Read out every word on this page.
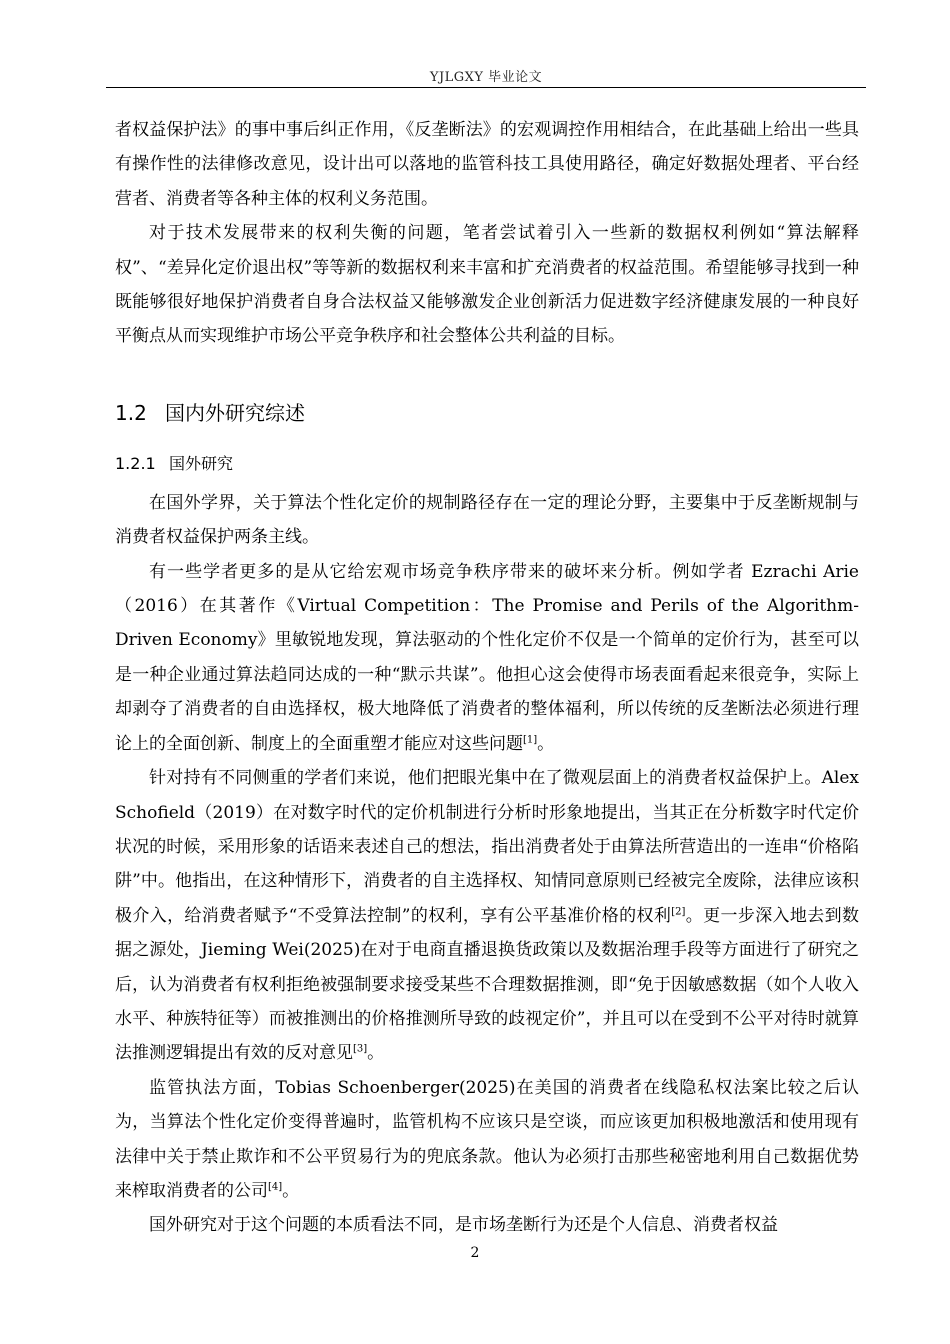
YJLGXY 毕业论文

者权益保护法》的事中事后纠正作用，《反垄断法》的宏观调控作用相结合，在此基础上给出一些具有操作性的法律修改意见，设计出可以落地的监管科技工具使用路径，确定好数据处理者、平台经营者、消费者等各种主体的权利义务范围。

对于技术发展带来的权利失衡的问题，笔者尝试着引入一些新的数据权利例如“算法解释权”、“差异化定价退出权”等等新的数据权利来丰富和扩充消费者的权益范围。希望能够寻找到一种既能够很好地保护消费者自身合法权益又能够激发企业创新活力促进数字经济健康发展的一种良好平衡点从而实现维护市场公平竞争秩序和社会整体公共利益的目标。

1.2 国内外研究综述
1.2.1 国外研究

在国外学界，关于算法个性化定价的规制路径存在一定的理论分野，主要集中于反垄断规制与消费者权益保护两条主线。

有一些学者更多的是从它给宏观市场竞争秩序带来的破坏来分析。例如学者 Ezrachi Arie（2016）在其著作《Virtual Competition：The Promise and Perils of the Algorithm-Driven Economy》里敏锐地发现，算法驱动的个性化定价不仅是一个简单的定价行为，甚至可以是一种企业通过算法趋同达成的一种“默示共谋”。他担心这会使得市场表面看起来很竞争，实际上却剥夺了消费者的自由选择权，极大地降低了消费者的整体福利，所以传统的反垄断法必须进行理论上的全面创新、制度上的全面重塑才能应对这些问题[1]。

针对持有不同侧重的学者们来说，他们把眼光集中在了微观层面上的消费者权益保护上。Alex Schofield（2019）在对数字时代的定价机制进行分析时形象地提出，当其正在分析数字时代定价状况的时候，采用形象的话语来表述自己的想法，指出消费者处于由算法所营造出的一连串“价格陷阱”中。他指出，在这种情形下，消费者的自主选择权、知情同意原则已经被完全废除，法律应该积极介入，给消费者赋予“不受算法控制”的权利，享有公平基准价格的权利[2]。更一步深入地去到数据之源处，Jieming Wei(2025)在对于电商直播退换货政策以及数据治理手段等方面进行了研究之后，认为消费者有权利拒绝被强制要求接受某些不合理数据推测，即“免于因敏感数据（如个人收入水平、种族特征等）而被推测出的价格推测所导致的歧视定价”，并且可以在受到不公平对待时就算法推测逻辑提出有效的反对意见[3]。

监管执法方面，Tobias Schoenberger(2025)在美国的消费者在线隐私权法案比较之后认为，当算法个性化定价变得普遍时，监管机构不应该只是空谈，而应该更加积极地激活和使用现有法律中关于禁止欺诈和不公平贸易行为的兜底条款。他认为必须打击那些秘密地利用自己数据优势来榨取消费者的公司[4]。

国外研究对于这个问题的本质看法不同，是市场垄断行为还是个人信息、消费者权益

2
